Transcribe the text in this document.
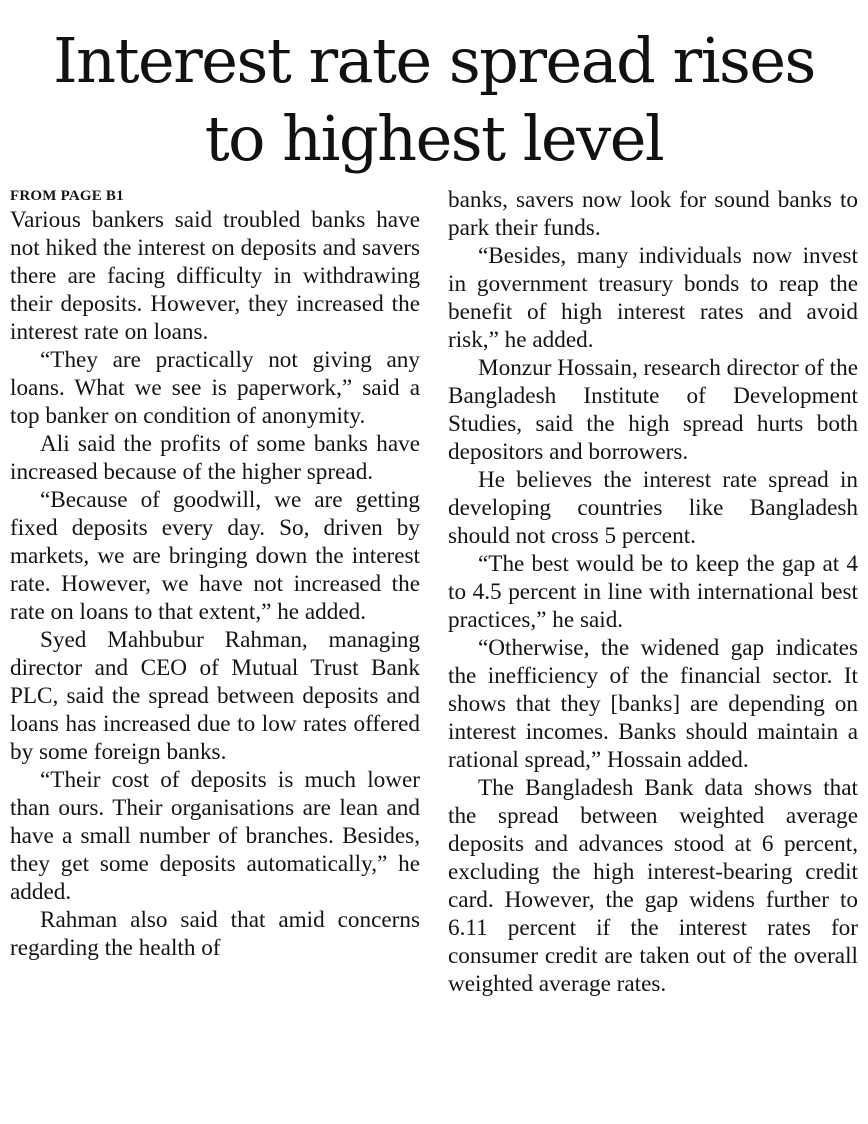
Interest rate spread rises
to highest level
FROM PAGE B1

Various bankers said troubled banks have not hiked the interest on deposits and savers there are facing difficulty in withdrawing their deposits. However, they increased the interest rate on loans.

“They are practically not giving any loans. What we see is paperwork,” said a top banker on condition of anonymity.

Ali said the profits of some banks have increased because of the higher spread.

“Because of goodwill, we are getting fixed deposits every day. So, driven by markets, we are bringing down the interest rate. However, we have not increased the rate on loans to that extent,” he added.

Syed Mahbubur Rahman, managing director and CEO of Mutual Trust Bank PLC, said the spread between deposits and loans has increased due to low rates offered by some foreign banks.

“Their cost of deposits is much lower than ours. Their organisations are lean and have a small number of branches. Besides, they get some deposits automatically,” he added.

Rahman also said that amid concerns regarding the health of

banks, savers now look for sound banks to park their funds.

“Besides, many individuals now invest in government treasury bonds to reap the benefit of high interest rates and avoid risk,” he added.

Monzur Hossain, research director of the Bangladesh Institute of Development Studies, said the high spread hurts both depositors and borrowers.

He believes the interest rate spread in developing countries like Bangladesh should not cross 5 percent.

“The best would be to keep the gap at 4 to 4.5 percent in line with international best practices,” he said.

“Otherwise, the widened gap indicates the inefficiency of the financial sector. It shows that they [banks] are depending on interest incomes. Banks should maintain a rational spread,” Hossain added.

The Bangladesh Bank data shows that the spread between weighted average deposits and advances stood at 6 percent, excluding the high interest-bearing credit card. However, the gap widens further to 6.11 percent if the interest rates for consumer credit are taken out of the overall weighted average rates.
